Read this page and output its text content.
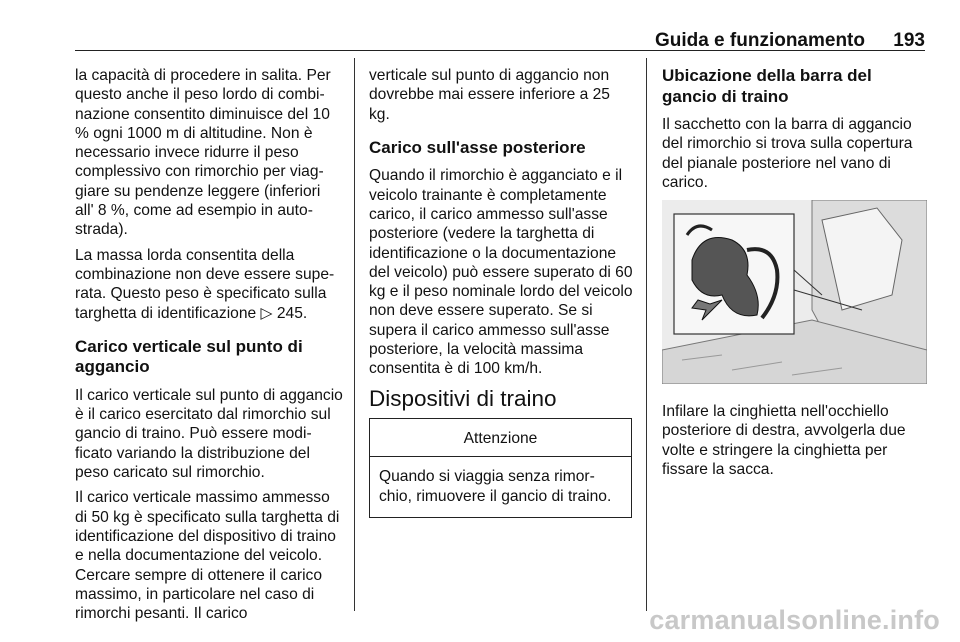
Guida e funzionamento 193

la capacità di procedere in salita. Per questo anche il peso lordo di combinazione consentito diminuisce del 10 % ogni 1000 m di altitudine. Non è necessario invece ridurre il peso complessivo con rimorchio per viaggiare su pendenze leggere (inferiori all' 8 %, come ad esempio in autostrada).

La massa lorda consentita della combinazione non deve essere superata. Questo peso è specificato sulla targhetta di identificazione ▷ 245.

Carico verticale sul punto di aggancio

Il carico verticale sul punto di aggancio è il carico esercitato dal rimorchio sul gancio di traino. Può essere modificato variando la distribuzione del peso caricato sul rimorchio.

Il carico verticale massimo ammesso di 50 kg è specificato sulla targhetta di identificazione del dispositivo di traino e nella documentazione del veicolo. Cercare sempre di ottenere il carico massimo, in particolare nel caso di rimorchi pesanti. Il carico

verticale sul punto di aggancio non dovrebbe mai essere inferiore a 25 kg.

Carico sull'asse posteriore

Quando il rimorchio è agganciato e il veicolo trainante è completamente carico, il carico ammesso sull'asse posteriore (vedere la targhetta di identificazione o la documentazione del veicolo) può essere superato di 60 kg e il peso nominale lordo del veicolo non deve essere superato. Se si supera il carico ammesso sull'asse posteriore, la velocità massima consentita è di 100 km/h.

Dispositivi di traino
Attenzione
Quando si viaggia senza rimorchio, rimuovere il gancio di traino.
Ubicazione della barra del gancio di traino

Il sacchetto con la barra di aggancio del rimorchio si trova sulla copertura del pianale posteriore nel vano di carico.

Infilare la cinghietta nell'occhiello posteriore di destra, avvolgerla due volte e stringere la cinghietta per fissare la sacca.

carmanualsonline.info
